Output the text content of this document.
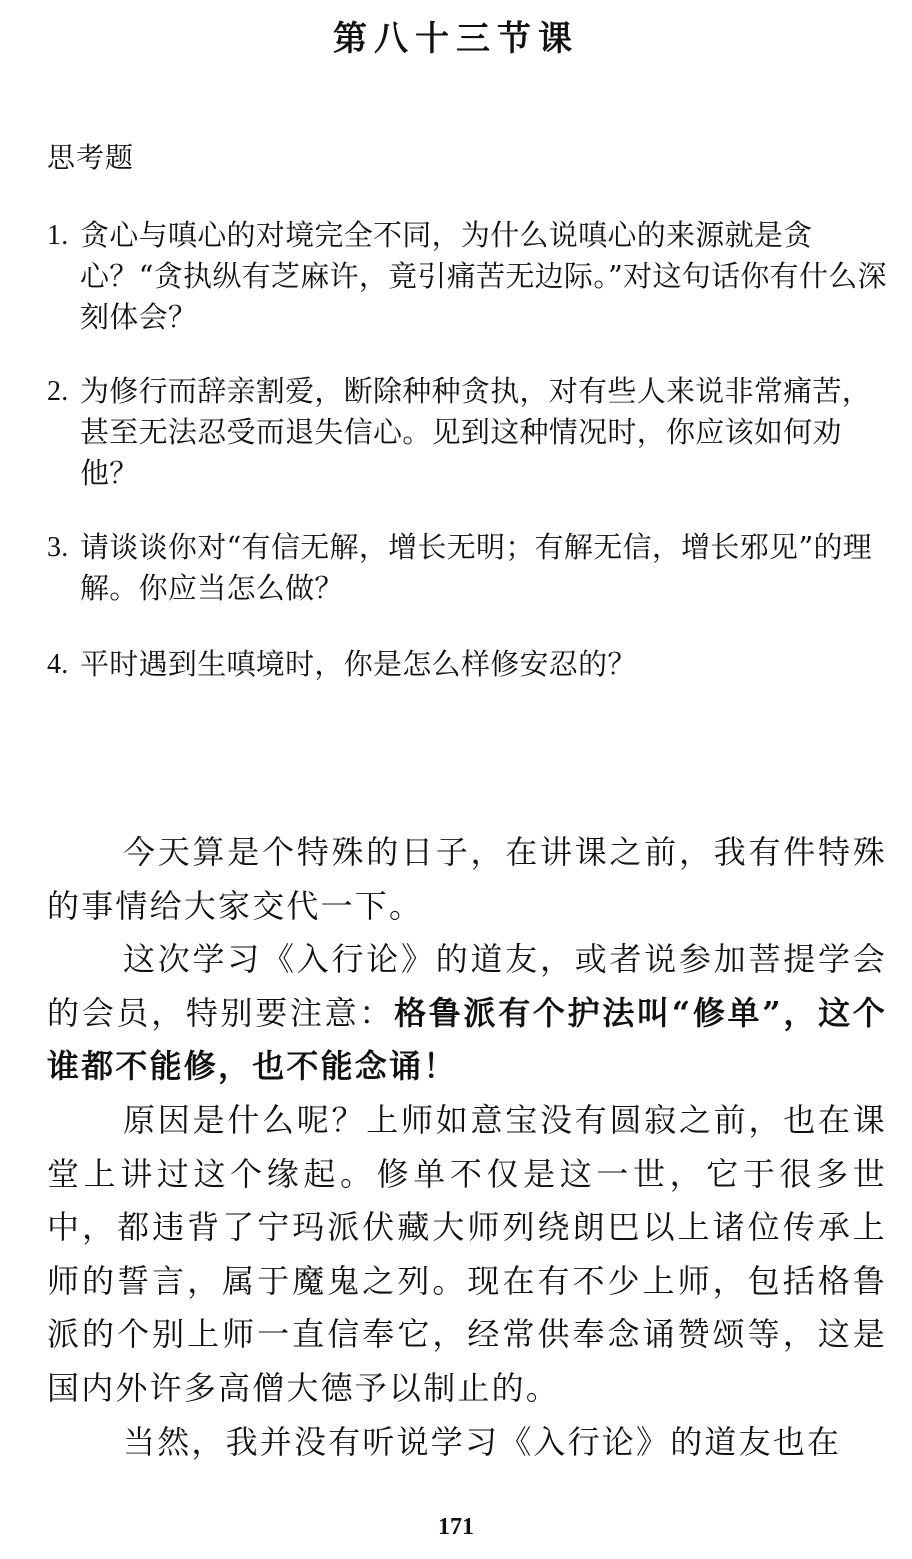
第八十三节课
思考题
1. 贪心与嗔心的对境完全不同，为什么说嗔心的来源就是贪心？“贪执纵有芝麻许，竟引痛苦无边际。”对这句话你有什么深刻体会？
2. 为修行而辞亲割爱，断除种种贪执，对有些人来说非常痛苦，甚至无法忍受而退失信心。见到这种情况时，你应该如何劝他？
3. 请谈谈你对“有信无解，增长无明；有解无信，增长邪见”的理解。你应当怎么做？
4. 平时遇到生嗔境时，你是怎么样修安忍的？

今天算是个特殊的日子，在讲课之前，我有件特殊的事情给大家交代一下。

这次学习《入行论》的道友，或者说参加菩提学会的会员，特别要注意：格鲁派有个护法叫“修单”，这个谁都不能修，也不能念诵！

原因是什么呢？上师如意宝没有圆寂之前，也在课堂上讲过这个缘起。修单不仅是这一世，它于很多世中，都违背了宁玛派伏藏大师列绕朗巴以上诸位传承上师的誓言，属于魔鬼之列。现在有不少上师，包括格鲁派的个别上师一直信奉它，经常供奉念诵赞颂等，这是国内外许多高僧大德予以制止的。

当然，我并没有听说学习《入行论》的道友也在

171
